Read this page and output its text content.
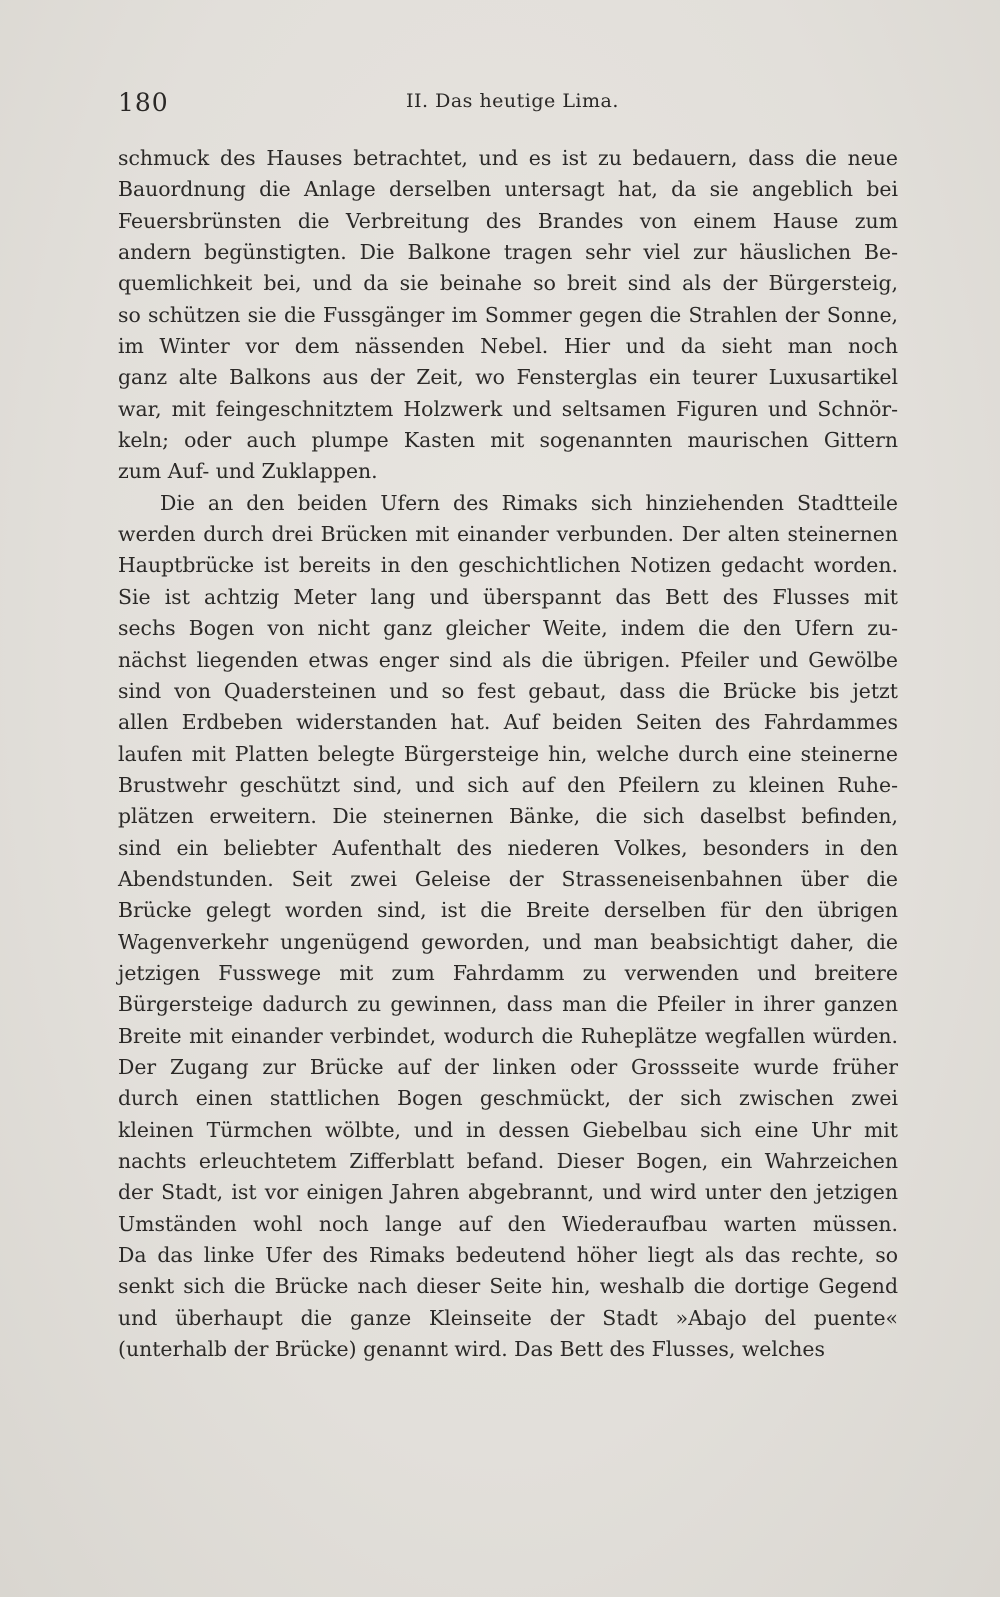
180	II. Das heutige Lima.
schmuck des Hauses betrachtet, und es ist zu bedauern, dass die neue
Bauordnung die Anlage derselben untersagt hat, da sie angeblich bei
Feuersbrünsten die Verbreitung des Brandes von einem Hause zum
andern begünstigten. Die Balkone tragen sehr viel zur häuslichen Be-
quemlichkeit bei, und da sie beinahe so breit sind als der Bürgersteig,
so schützen sie die Fussgänger im Sommer gegen die Strahlen der Sonne,
im Winter vor dem nässenden Nebel. Hier und da sieht man noch
ganz alte Balkons aus der Zeit, wo Fensterglas ein teurer Luxusartikel
war, mit feingeschnitztem Holzwerk und seltsamen Figuren und Schnör-
keln; oder auch plumpe Kasten mit sogenannten maurischen Gittern
zum Auf- und Zuklappen.
Die an den beiden Ufern des Rimaks sich hinziehenden Stadtteile
werden durch drei Brücken mit einander verbunden. Der alten steinernen
Hauptbrücke ist bereits in den geschichtlichen Notizen gedacht worden.
Sie ist achtzig Meter lang und überspannt das Bett des Flusses mit
sechs Bogen von nicht ganz gleicher Weite, indem die den Ufern zu-
nächst liegenden etwas enger sind als die übrigen. Pfeiler und Gewölbe
sind von Quadersteinen und so fest gebaut, dass die Brücke bis jetzt
allen Erdbeben widerstanden hat. Auf beiden Seiten des Fahrdammes
laufen mit Platten belegte Bürgersteige hin, welche durch eine steinerne
Brustwehr geschützt sind, und sich auf den Pfeilern zu kleinen Ruhe-
plätzen erweitern. Die steinernen Bänke, die sich daselbst befinden,
sind ein beliebter Aufenthalt des niederen Volkes, besonders in den
Abendstunden. Seit zwei Geleise der Strasseneisenbahnen über die
Brücke gelegt worden sind, ist die Breite derselben für den übrigen
Wagenverkehr ungenügend geworden, und man beabsichtigt daher, die
jetzigen Fusswege mit zum Fahrdamm zu verwenden und breitere
Bürgersteige dadurch zu gewinnen, dass man die Pfeiler in ihrer ganzen
Breite mit einander verbindet, wodurch die Ruheplätze wegfallen würden.
Der Zugang zur Brücke auf der linken oder Grossseite wurde früher
durch einen stattlichen Bogen geschmückt, der sich zwischen zwei
kleinen Türmchen wölbte, und in dessen Giebelbau sich eine Uhr mit
nachts erleuchtetem Zifferblatt befand. Dieser Bogen, ein Wahrzeichen
der Stadt, ist vor einigen Jahren abgebrannt, und wird unter den jetzigen
Umständen wohl noch lange auf den Wiederaufbau warten müssen.
Da das linke Ufer des Rimaks bedeutend höher liegt als das rechte, so
senkt sich die Brücke nach dieser Seite hin, weshalb die dortige Gegend
und überhaupt die ganze Kleinseite der Stadt »Abajo del puente«
(unterhalb der Brücke) genannt wird. Das Bett des Flusses, welches
